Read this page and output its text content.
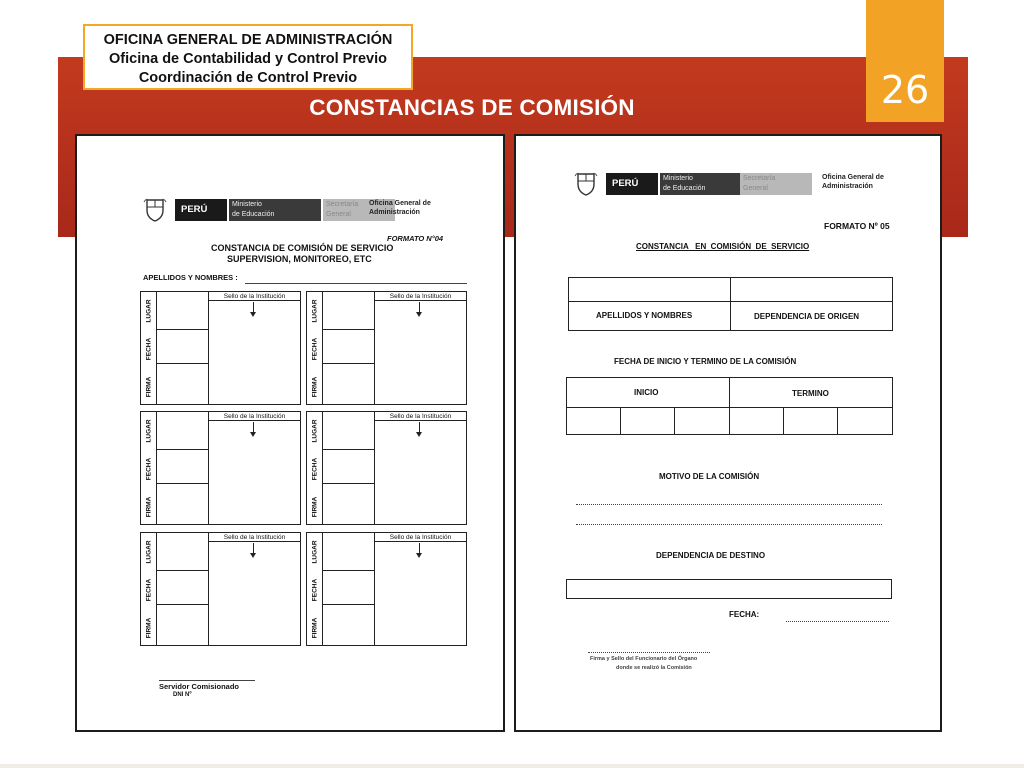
OFICINA GENERAL DE ADMINISTRACIÓN
Oficina de Contabilidad y Control Previo
Coordinación de Control Previo	26
CONSTANCIAS DE COMISIÓN
PERÚ	Ministerio
de Educación
Secretaría
General
Oficina General de
Administración
FORMATO N°04
CONSTANCIA DE COMISIÓN DE SERVICIO
SUPERVISION, MONITOREO, ETC
APELLIDOS Y NOMBRES :
LUGAR
FECHA
FIRMA
Sello de la Institución
LUGAR
FECHA
FIRMA
Sello de la Institución
LUGAR
FECHA
FIRMA
Sello de la Institución
LUGAR
FECHA
FIRMA
Sello de la Institución
LUGAR
FECHA
FIRMA
Sello de la Institución
LUGAR
FECHA
FIRMA
Sello de la Institución
Servidor Comisionado
DNI Nº
PERÚ	Ministerio
de Educación
Secretaría
General
Oficina General de
Administración
FORMATO Nº 05
CONSTANCIA   EN  COMISIÓN  DE  SERVICIO
APELLIDOS Y NOMBRES	DEPENDENCIA DE ORIGEN
FECHA DE INICIO Y TERMINO DE LA COMISIÓN
INICIO	TERMINO
MOTIVO DE LA COMISIÓN
DEPENDENCIA DE DESTINO
FECHA:
Firma y Sello del Funcionario del Órgano
donde se realizó la Comisión
